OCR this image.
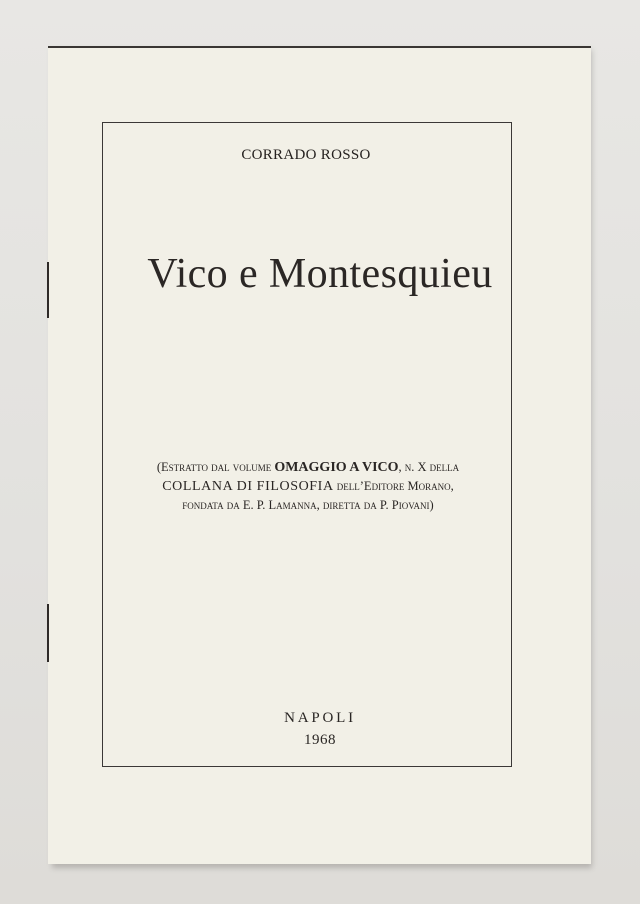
CORRADO ROSSO
Vico e Montesquieu
(Estratto dal volume OMAGGIO A VICO, n. X della
COLLANA DI FILOSOFIA dell’Editore Morano,
fondata da E. P. Lamanna, diretta da P. Piovani)
NAPOLI
1968
